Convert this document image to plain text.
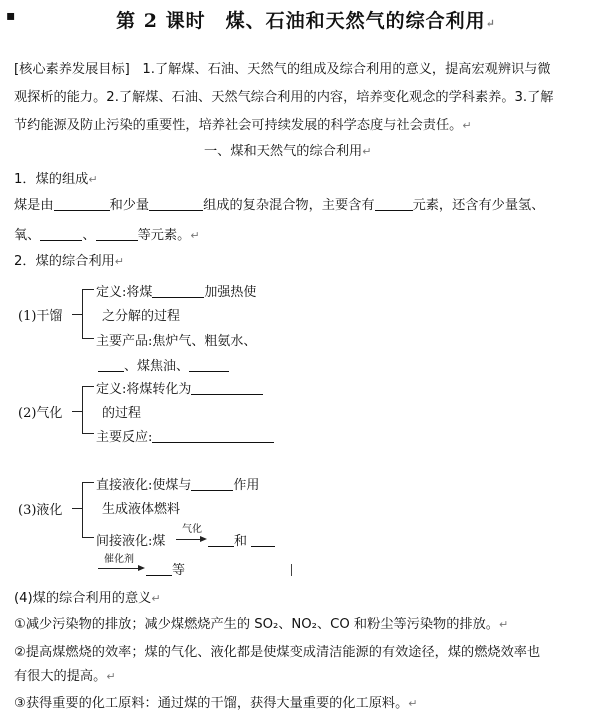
▪	第 2 课时　煤、石油和天然气的综合利用↵
[核心素养发展目标] 1.了解煤、石油、天然气的组成及综合利用的意义，提高宏观辨识与微
观探析的能力。2.了解煤、石油、天然气综合利用的内容，培养变化观念的学科素养。3.了解
节约能源及防止污染的重要性，培养社会可持续发展的科学态度与社会责任。↵
一、煤和天然气的综合利用↵
1．煤的组成↵
煤是由	和少量	组成的复杂混合物，主要含有	元素，还含有少量氢、
氧、	、	等元素。↵
2．煤的综合利用↵
(1)干馏
定义:将煤	加强热使
之分解的过程
主要产品:焦炉气、粗氨水、
、煤焦油、
(2)气化
定义:将煤转化为
的过程
主要反应:
(3)液化
直接液化:使煤与	作用
生成液体燃料
间接液化:煤
气化
和
催化剂
等
(4)煤的综合利用的意义↵
①减少污染物的排放；减少煤燃烧产生的 SO₂、NO₂、CO 和粉尘等污染物的排放。↵
②提高煤燃烧的效率；煤的气化、液化都是使煤变成清洁能源的有效途径，煤的燃烧效率也
有很大的提高。↵
③获得重要的化工原料：通过煤的干馏，获得大量重要的化工原料。↵
